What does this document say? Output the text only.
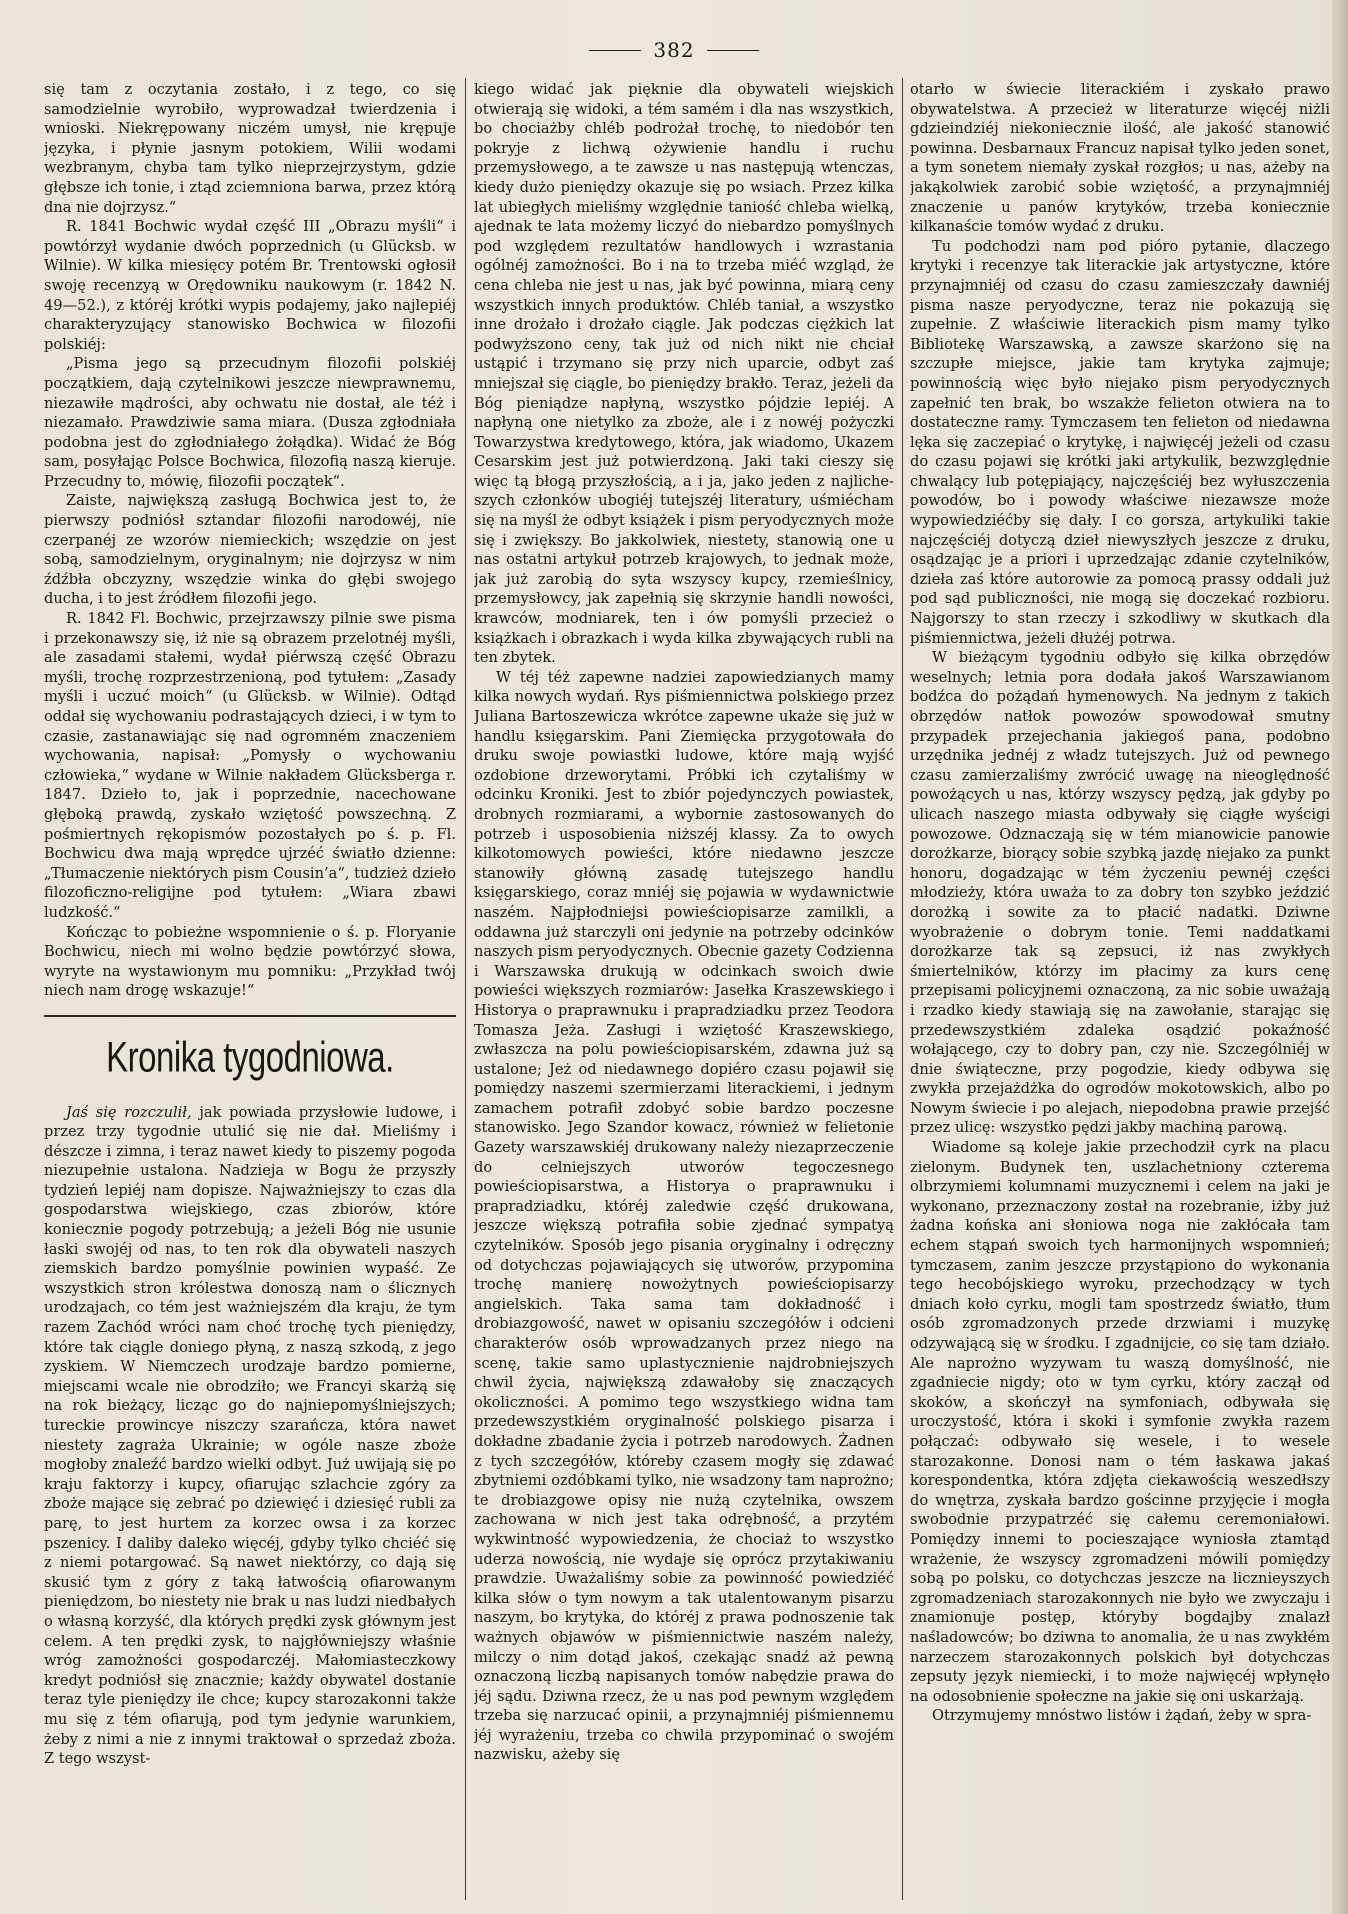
382

się tam z oczytania zostało, i z tego, co się samodzielnie wyrobiło, wyprowadzał twierdzenia i wnioski. Niekrępowany niczém umysł, nie krępuje języka, i płynie jasnym potokiem, Wilii wodami wezbranym, chyba tam tylko nieprzejrzystym, gdzie głębsze ich tonie, i ztąd zciemniona barwa, przez którą dna nie dojrzysz.“

R. 1841 Bochwic wydał część III „Obrazu myśli“ i powtórzył wydanie dwóch poprzednich (u Glücksb. w Wilnie). W kilka miesięcy potém Br. Trentowski ogłosił swoję recenzyą w Orędowniku naukowym (r. 1842 N. 49—52.), z któréj krótki wypis podajemy, jako najlepiéj charakteryzujący stanowisko Bochwica w filozofii polskiéj:

„Pisma jego są przecudnym filozofii polskiéj początkiem, dają czytelnikowi jeszcze niewprawnemu, niezawiłe mądrości, aby ochwatu nie dostał, ale téż i niezamało. Prawdziwie sama miara. (Dusza zgłodniała podobna jest do zgłodniałego żołądka). Widać że Bóg sam, posyłając Polsce Bochwica, filozofią naszą kieruje. Przecudny to, mówię, filozofii początek“.

Zaiste, największą zasługą Bochwica jest to, że pierwszy podniósł sztandar filozofii narodowéj, nie czerpanéj ze wzorów niemieckich; wszędzie on jest sobą, samodzielnym, oryginalnym; nie dojrzysz w nim źdźbła obczyzny, wszędzie winka do głębi swojego ducha, i to jest źródłem filozofii jego.

R. 1842 Fl. Bochwic, przejrzawszy pilnie swe pisma i przekonawszy się, iż nie są obrazem przelotnéj myśli, ale zasadami stałemi, wydał piérwszą część Obrazu myśli, trochę rozprzestrzenioną, pod tytułem: „Zasady myśli i uczuć moich“ (u Glücksb. w Wilnie). Odtąd oddał się wychowaniu podrastających dzieci, i w tym to czasie, zastanawiając się nad ogromném znaczeniem wychowania, napisał: „Pomysły o wychowaniu człowieka,“ wydane w Wilnie nakładem Glücksberga r. 1847. Dzieło to, jak i poprzednie, nacechowane głęboką prawdą, zyskało wziętość powszechną. Z pośmiertnych rękopismów pozostałych po ś. p. Fl. Bochwicu dwa mają wprędce ujrzéć światło dzienne: „Tłumaczenie niektórych pism Cousin’a“, tudzież dzieło filozoficzno-religijne pod tytułem: „Wiara zbawi ludzkość.“

Kończąc to pobieżne wspomnienie o ś. p. Floryanie Bochwicu, niech mi wolno będzie powtórzyć słowa, wyryte na wystawionym mu pomniku: „Przykład twój niech nam drogę wskazuje!“

Kronika tygodniowa.

Jaś się rozczulił, jak powiada przysłowie ludowe, i przez trzy tygodnie utulić się nie dał. Mieliśmy i dészcze i zimna, i teraz nawet kiedy to piszemy pogoda niezupełnie ustalona. Nadzieja w Bogu że przyszły tydzień lepiéj nam dopisze. Najważniejszy to czas dla gospodarstwa wiejskiego, czas zbiorów, które koniecznie pogody potrzebują; a jeżeli Bóg nie usunie łaski swojéj od nas, to ten rok dla obywateli naszych ziemskich bardzo pomyślnie powinien wypaść. Ze wszystkich stron królestwa donoszą nam o ślicznych urodzajach, co tém jest ważniejszém dla kraju, że tym razem Zachód wróci nam choć trochę tych pieniędzy, które tak ciągle doniego płyną, z naszą szkodą, z jego zyskiem. W Niemczech urodzaje bardzo pomierne, miejscami wcale nie obrodziło; we Francyi skarżą się na rok bieżący, licząc go do najniepomyślniejszych; tureckie prowincye niszczy szarańcza, która nawet niestety zagraża Ukrainie; w ogóle nasze zboże mogłoby znaleźć bardzo wielki odbyt. Już uwijają się po kraju faktorzy i kupcy, ofiarując szlachcie zgóry za zboże mające się zebrać po dziewięć i dziesięć rubli za parę, to jest hurtem za korzec owsa i za korzec pszenicy. I daliby daleko więcéj, gdyby tylko chciéć się z niemi potargować. Są nawet niektórzy, co dają się skusić tym z góry z taką łatwością ofiarowanym pieniędzom, bo niestety nie brak u nas ludzi niedbałych o własną korzyść, dla których prędki zysk głównym jest celem. A ten prędki zysk, to najgłówniejszy właśnie wróg zamożności gospodarczéj. Małomiasteczkowy kredyt podniósł się znacznie; każdy obywatel dostanie teraz tyle pieniędzy ile chce; kupcy starozakonni także mu się z tém ofiarują, pod tym jedynie warunkiem, żeby z nimi a nie z innymi traktował o sprzedaż zboża. Z tego wszyst-

kiego widać jak pięknie dla obywateli wiejskich otwierają się widoki, a tém samém i dla nas wszystkich, bo chociażby chléb podrożał trochę, to niedobór ten pokryje z lichwą ożywienie handlu i ruchu przemysłowego, a te zawsze u nas następują wtenczas, kiedy dużo pieniędzy okazuje się po wsiach. Przez kilka lat ubiegłych mieliśmy względnie taniość chleba wielką, ajednak te lata możemy liczyć do niebardzo pomyślnych pod względem rezultatów handlowych i wzrastania ogólnéj zamożności. Bo i na to trzeba miéć wzgląd, że cena chleba nie jest u nas, jak być powinna, miarą ceny wszystkich innych produktów. Chléb taniał, a wszystko inne drożało i drożało ciągle. Jak podczas ciężkich lat podwyższono ceny, tak już od nich nikt nie chciał ustąpić i trzymano się przy nich uparcie, odbyt zaś mniejszał się ciągle, bo pieniędzy brakło. Teraz, jeżeli da Bóg pieniądze napłyną, wszystko pójdzie lepiéj. A napłyną one nietylko za zboże, ale i z nowéj pożyczki Towarzystwa kredytowego, która, jak wiadomo, Ukazem Cesarskim jest już potwierdzoną. Jaki taki cieszy się więc tą błogą przyszłością, a i ja, jako jeden z najlicheszych członków ubogiéj tutejszéj literatury, uśmiécham się na myśl że odbyt książek i pism peryodycznych może się i zwiększy. Bo jakkolwiek, niestety, stanowią one u nas ostatni artykuł potrzeb krajowych, to jednak może, jak już zarobią do syta wszyscy kupcy, rzemieślnicy, przemysłowcy, jak zapełnią się skrzynie handli nowości, krawców, modniarek, ten i ów pomyśli przecież o książkach i obrazkach i wyda kilka zbywających rubli na ten zbytek.

W téj téż zapewne nadziei zapowiedzianych mamy kilka nowych wydań. Rys piśmiennictwa polskiego przez Juliana Bartoszewicza wkrótce zapewne ukaże się już w handlu księgarskim. Pani Ziemięcka przygotowała do druku swoje powiastki ludowe, które mają wyjść ozdobione drzeworytami. Próbki ich czytaliśmy w odcinku Kroniki. Jest to zbiór pojedynczych powiastek, drobnych rozmiarami, a wybornie zastosowanych do potrzeb i usposobienia niższéj klassy. Za to owych kilkotomowych powieści, które niedawno jeszcze stanowiły główną zasadę tutejszego handlu księgarskiego, coraz mniéj się pojawia w wydawnictwie naszém. Najpłodniejsi powieściopisarze zamilkli, a oddawna już starczyli oni jedynie na potrzeby odcinków naszych pism peryodycznych. Obecnie gazety Codzienna i Warszawska drukują w odcinkach swoich dwie powieści większych rozmiarów: Jasełka Kraszewskiego i Historya o praprawnuku i prapradziadku przez Teodora Tomasza Jeża. Zasługi i wziętość Kraszewskiego, zwłaszcza na polu powieściopisarském, zdawna już są ustalone; Jeż od niedawnego dopiéro czasu pojawił się pomiędzy naszemi szermierzami literackiemi, i jednym zamachem potrafił zdobyć sobie bardzo poczesne stanowisko. Jego Szandor kowacz, również w felietonie Gazety warszawskiéj drukowany należy niezaprzeczenie do celniejszych utworów tegoczesnego powieściopisarstwa, a Historya o praprawnuku i prapradziadku, któréj zaledwie część drukowana, jeszcze większą potrafiła sobie zjednać sympatyą czytelników. Sposób jego pisania oryginalny i odręczny od dotychczas pojawiających się utworów, przypomina trochę manierę nowożytnych powieściopisarzy angielskich. Taka sama tam dokładność i drobiazgowość, nawet w opisaniu szczegółów i odcieni charakterów osób wprowadzanych przez niego na scenę, takie samo uplastycznienie najdrobniejszych chwil życia, największą zdawałoby się znaczących okoliczności. A pomimo tego wszystkiego widna tam przedewszystkiém oryginalność polskiego pisarza i dokładne zbadanie życia i potrzeb narodowych. Żadnen z tych szczegółów, któreby czasem mogły się zdawać zbytniemi ozdóbkami tylko, nie wsadzony tam naprożno; te drobiazgowe opisy nie nużą czytelnika, owszem zachowana w nich jest taka odrębność, a przytém wykwintność wypowiedzenia, że chociaż to wszystko uderza nowością, nie wydaje się oprócz przytakiwaniu prawdzie. Uważaliśmy sobie za powinność powiedziéć kilka słów o tym nowym a tak utalentowanym pisarzu naszym, bo krytyka, do któréj z prawa podnoszenie tak ważnych objawów w piśmiennictwie naszém należy, milczy o nim dotąd jakoś, czekając snadź aż pewną oznaczoną liczbą napisanych tomów nabędzie prawa do jéj sądu. Dziwna rzecz, że u nas pod pewnym względem trzeba się narzucać opinii, a przynajmniéj piśmiennemu jéj wyrażeniu, trzeba co chwila przypominać o swojém nazwisku, ażeby się

otarło w świecie literackiém i zyskało prawo obywatelstwa. A przecież w literaturze więcéj niżli gdzieindziéj niekoniecznie ilość, ale jakość stanowić powinna. Desbarnaux Francuz napisał tylko jeden sonet, a tym sonetem niemały zyskał rozgłos; u nas, ażeby na jakąkolwiek zarobić sobie wziętość, a przynajmniéj znaczenie u panów krytyków, trzeba koniecznie kilkanaście tomów wydać z druku.

Tu podchodzi nam pod pióro pytanie, dlaczego krytyki i recenzye tak literackie jak artystyczne, które przynajmniéj od czasu do czasu zamieszczały dawniéj pisma nasze peryodyczne, teraz nie pokazują się zupełnie. Z właściwie literackich pism mamy tylko Bibliotekę Warszawską, a zawsze skarżono się na szczupłe miejsce, jakie tam krytyka zajmuje; powinnością więc było niejako pism peryodycznych zapełnić ten brak, bo wszakże felieton otwiera na to dostateczne ramy. Tymczasem ten felieton od niedawna lęka się zaczepiać o krytykę, i najwięcéj jeżeli od czasu do czasu pojawi się krótki jaki artykulik, bezwzględnie chwalący lub potępiający, najczęściéj bez wyłuszczenia powodów, bo i powody właściwe niezawsze może wypowiedziéćby się dały. I co gorsza, artykuliki takie najczęściéj dotyczą dzieł niewyszłych jeszcze z druku, osądzając je a priori i uprzedzając zdanie czytelników, dzieła zaś które autorowie za pomocą prassy oddali już pod sąd publiczności, nie mogą się doczekać rozbioru. Najgorszy to stan rzeczy i szkodliwy w skutkach dla piśmiennictwa, jeżeli dłużéj potrwa.

W bieżącym tygodniu odbyło się kilka obrzędów weselnych; letnia pora dodała jakoś Warszawianom bodźca do pożądań hymenowych. Na jednym z takich obrzędów natłok powozów spowodował smutny przypadek przejechania jakiegoś pana, podobno urzędnika jednéj z władz tutejszych. Już od pewnego czasu zamierzaliśmy zwrócić uwagę na nieoględność powożących u nas, którzy wszyscy pędzą, jak gdyby po ulicach naszego miasta odbywały się ciągłe wyścigi powozowe. Odznaczają się w tém mianowicie panowie dorożkarze, biorący sobie szybką jazdę niejako za punkt honoru, dogadzając w tém życzeniu pewnéj części młodzieży, która uważa to za dobry ton szybko jeździć dorożką i sowite za to płacić nadatki. Dziwne wyobrażenie o dobrym tonie. Temi naddatkami dorożkarze tak są zepsuci, iż nas zwykłych śmiertelników, którzy im płacimy za kurs cenę przepisami policyjnemi oznaczoną, za nic sobie uważają i rzadko kiedy stawiają się na zawołanie, starając się przedewszystkiém zdaleka osądzić pokaźność wołającego, czy to dobry pan, czy nie. Szczególniéj w dnie świąteczne, przy pogodzie, kiedy odbywa się zwykła przejażdżka do ogrodów mokotowskich, albo po Nowym świecie i po alejach, niepodobna prawie przejść przez ulicę: wszystko pędzi jakby machiną parową.

Wiadome są koleje jakie przechodził cyrk na placu zielonym. Budynek ten, uszlachetniony czterema olbrzymiemi kolumnami muzycznemi i celem na jaki je wykonano, przeznaczony został na rozebranie, iżby już żadna końska ani słoniowa noga nie zakłócała tam echem stąpań swoich tych harmonijnych wspomnień; tymczasem, zanim jeszcze przystąpiono do wykonania tego hecobójskiego wyroku, przechodzący w tych dniach koło cyrku, mogli tam spostrzedz światło, tłum osób zgromadzonych przede drzwiami i muzykę odzywającą się w środku. I zgadnijcie, co się tam działo. Ale naprożno wyzywam tu waszą domyślność, nie zgadniecie nigdy; oto w tym cyrku, który zaczął od skoków, a skończył na symfoniach, odbywała się uroczystość, która i skoki i symfonie zwykła razem połączać: odbywało się wesele, i to wesele starozakonne. Donosi nam o tém łaskawa jakaś korespondentka, która zdjęta ciekawością weszedłszy do wnętrza, zyskała bardzo gościnne przyjęcie i mogła swobodnie przypatrzéć się całemu ceremoniałowi. Pomiędzy innemi to pocieszające wyniosła ztamtąd wrażenie, że wszyscy zgromadzeni mówili pomiędzy sobą po polsku, co dotychczas jeszcze na licznieyszych zgromadzeniach starozakonnych nie było we zwyczaju i znamionuje postęp, któryby bogdajby znalazł naśladowców; bo dziwna to anomalia, że u nas zwykłém narzeczem starozakonnych polskich był dotychczas zepsuty język niemiecki, i to może najwięcéj wpłynęło na odosobnienie społeczne na jakie się oni uskarżają.

Otrzymujemy mnóstwo listów i żądań, żeby w spra-
